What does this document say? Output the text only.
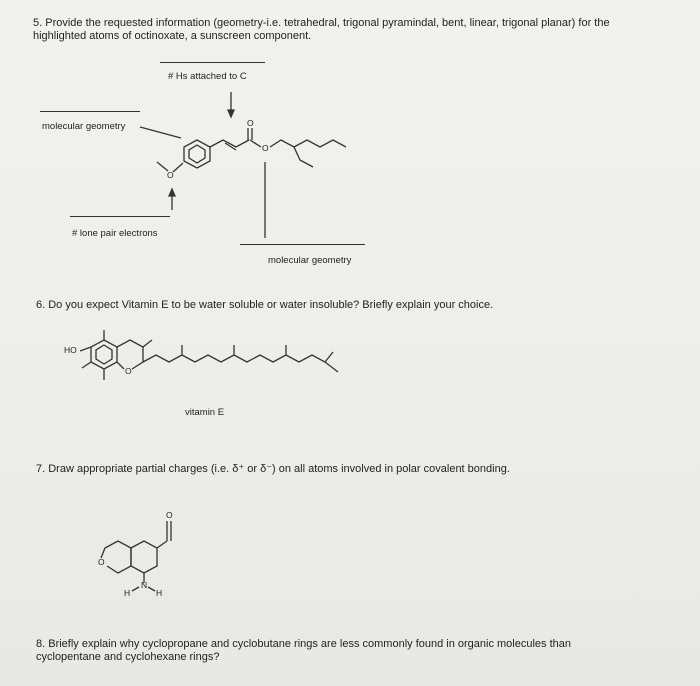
5. Provide the requested information (geometry-i.e. tetrahedral, trigonal pyramindal, bent, linear, trigonal planar) for the
highlighted atoms of octinoxate, a sunscreen component.
# Hs attached to C
molecular geometry
# lone pair electrons
molecular geometry
O
O
O
6. Do you expect Vitamin E to be water soluble or water insoluble? Briefly explain your choice.
HO
O
vitamin E
7. Draw appropriate partial charges (i.e. δ⁺ or δ⁻) on all atoms involved in polar covalent bonding.
O
O
N
H	H
8. Briefly explain why cyclopropane and cyclobutane rings are less commonly found in organic molecules than
cyclopentane and cyclohexane rings?
